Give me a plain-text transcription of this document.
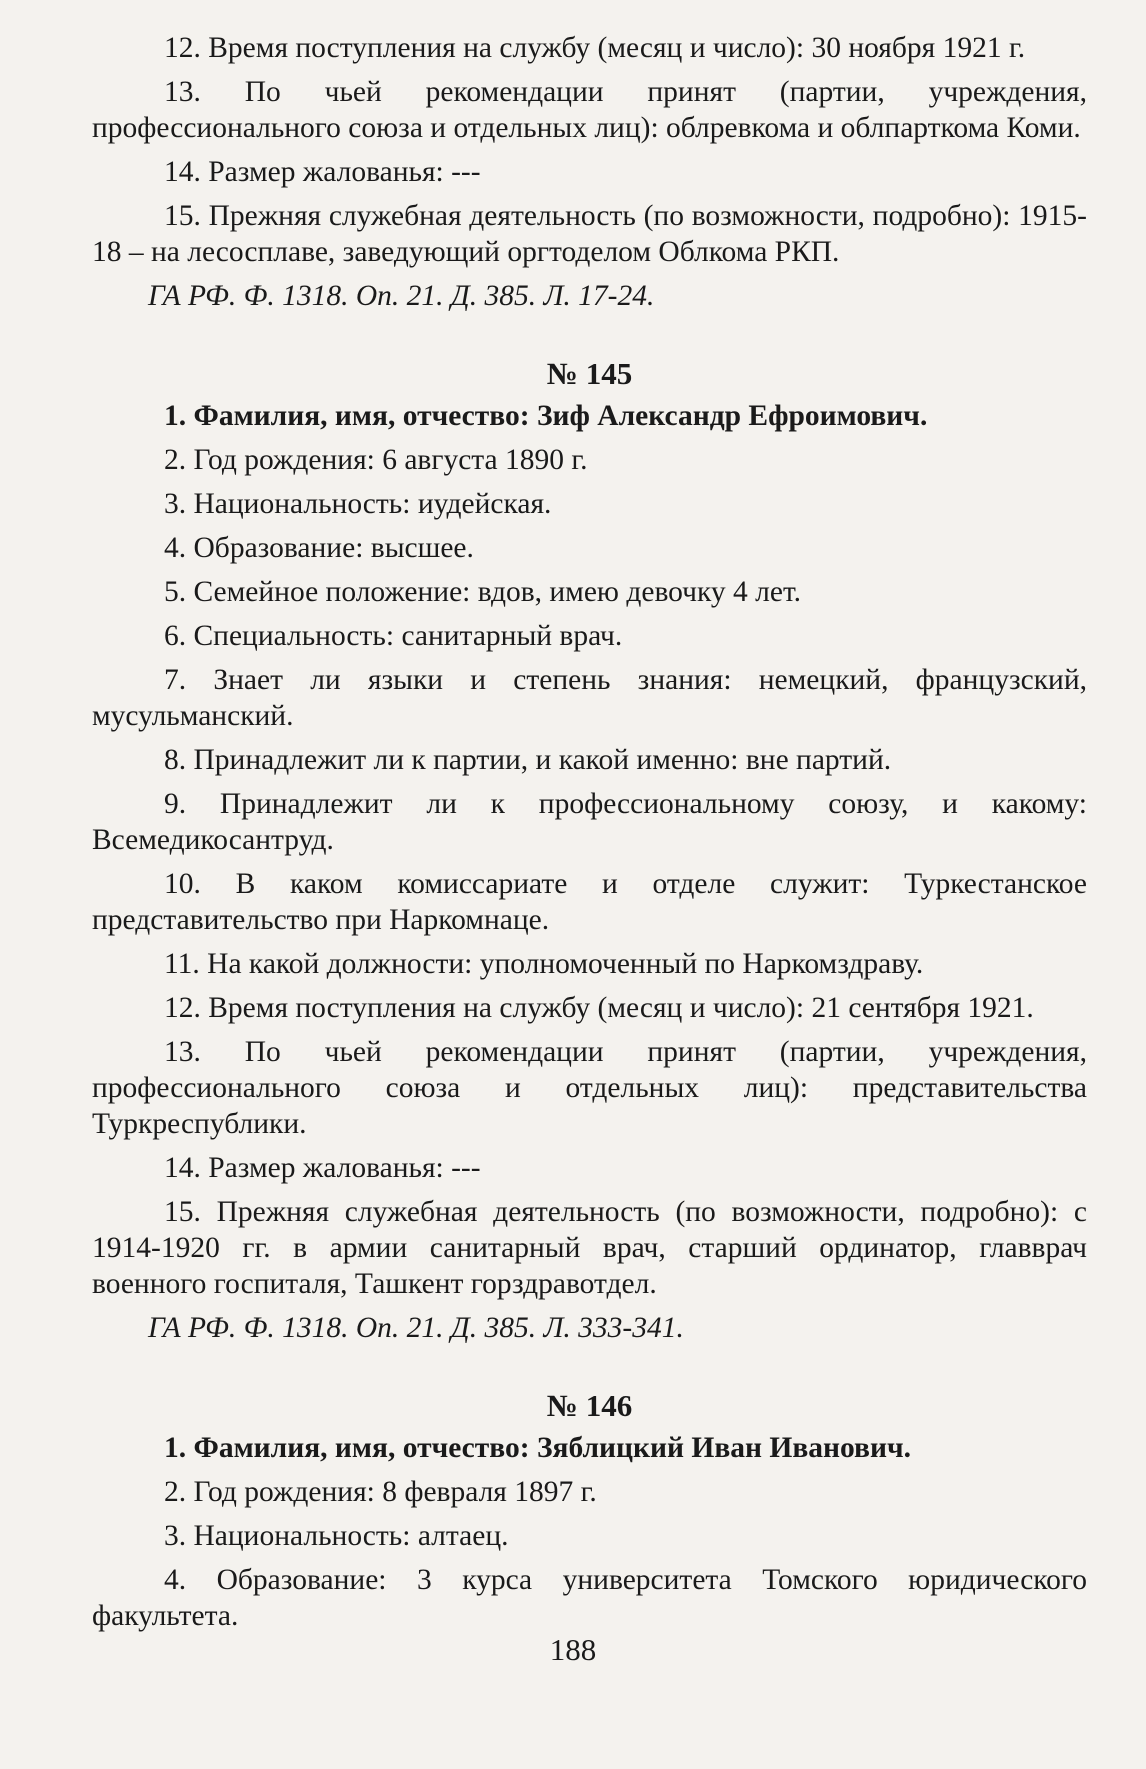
12. Время поступления на службу (месяц и число): 30 ноября 1921 г.

13. По чьей рекомендации принят (партии, учреждения, профессионального союза и отдельных лиц): облревкома и облпарткома Коми.

14. Размер жалованья: ---

15. Прежняя служебная деятельность (по возможности, подробно): 1915-18 – на лесосплаве, заведующий оргтоделом Облкома РКП.

ГА РФ. Ф. 1318. Оп. 21. Д. 385. Л. 17-24.

№ 145

1. Фамилия, имя, отчество: Зиф Александр Ефроимович.

2. Год рождения: 6 августа 1890 г.

3. Национальность: иудейская.

4. Образование: высшее.

5. Семейное положение: вдов, имею девочку 4 лет.

6. Специальность: санитарный врач.

7. Знает ли языки и степень знания: немецкий, французский, мусульманский.

8. Принадлежит ли к партии, и какой именно: вне партий.

9. Принадлежит ли к профессиональному союзу, и какому: Всемедикосантруд.

10. В каком комиссариате и отделе служит: Туркестанское представительство при Наркомнаце.

11. На какой должности: уполномоченный по Наркомздраву.

12. Время поступления на службу (месяц и число): 21 сентября 1921.

13. По чьей рекомендации принят (партии, учреждения, профессионального союза и отдельных лиц): представительства Туркреспублики.

14. Размер жалованья: ---

15. Прежняя служебная деятельность (по возможности, подробно): с 1914-1920 гг. в армии санитарный врач, старший ординатор, главврач военного госпиталя, Ташкент горздравотдел.

ГА РФ. Ф. 1318. Оп. 21. Д. 385. Л. 333-341.

№ 146

1. Фамилия, имя, отчество: Зяблицкий Иван Иванович.

2. Год рождения: 8 февраля 1897 г.

3. Национальность: алтаец.

4. Образование: 3 курса университета Томского юридического факультета.

188
